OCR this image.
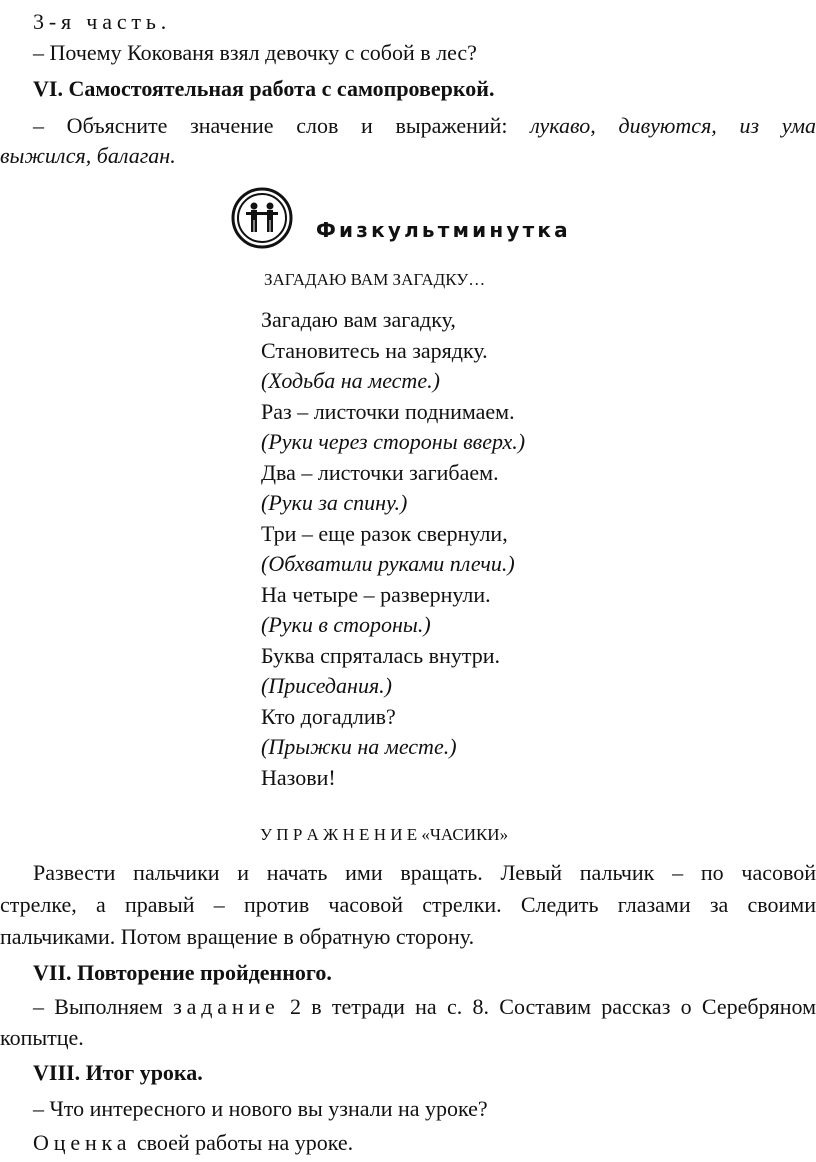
3-я часть.

– Почему Кокованя взял девочку с собой в лес?

VI. Самостоятельная работа с самопроверкой.

– Объясните значение слов и выражений: лукаво, дивуются, из ума

выжился, балаган.

Физкультминутка

ЗАГАДАЮ ВАМ ЗАГАДКУ…

Загадаю вам загадку,

Становитесь на зарядку.

(Ходьба на месте.)

Раз – листочки поднимаем.

(Руки через стороны вверх.)

Два – листочки загибаем.

(Руки за спину.)

Три – еще разок свернули,

(Обхватили руками плечи.)

На четыре – развернули.

(Руки в стороны.)

Буква спряталась внутри.

(Приседания.)

Кто догадлив?

(Прыжки на месте.)

Назови!

У П Р А Ж Н Е Н И Е «ЧАСИКИ»

Развести пальчики и начать ими вращать. Левый пальчик – по часовой

стрелке, а правый – против часовой стрелки. Следить глазами за своими

пальчиками. Потом вращение в обратную сторону.

VII. Повторение пройденного.

– Выполняем задание 2 в тетради на с. 8. Составим рассказ о Серебряном

копытце.

VIII. Итог урока.

– Что интересного и нового вы узнали на уроке?

Оценка своей работы на уроке.
